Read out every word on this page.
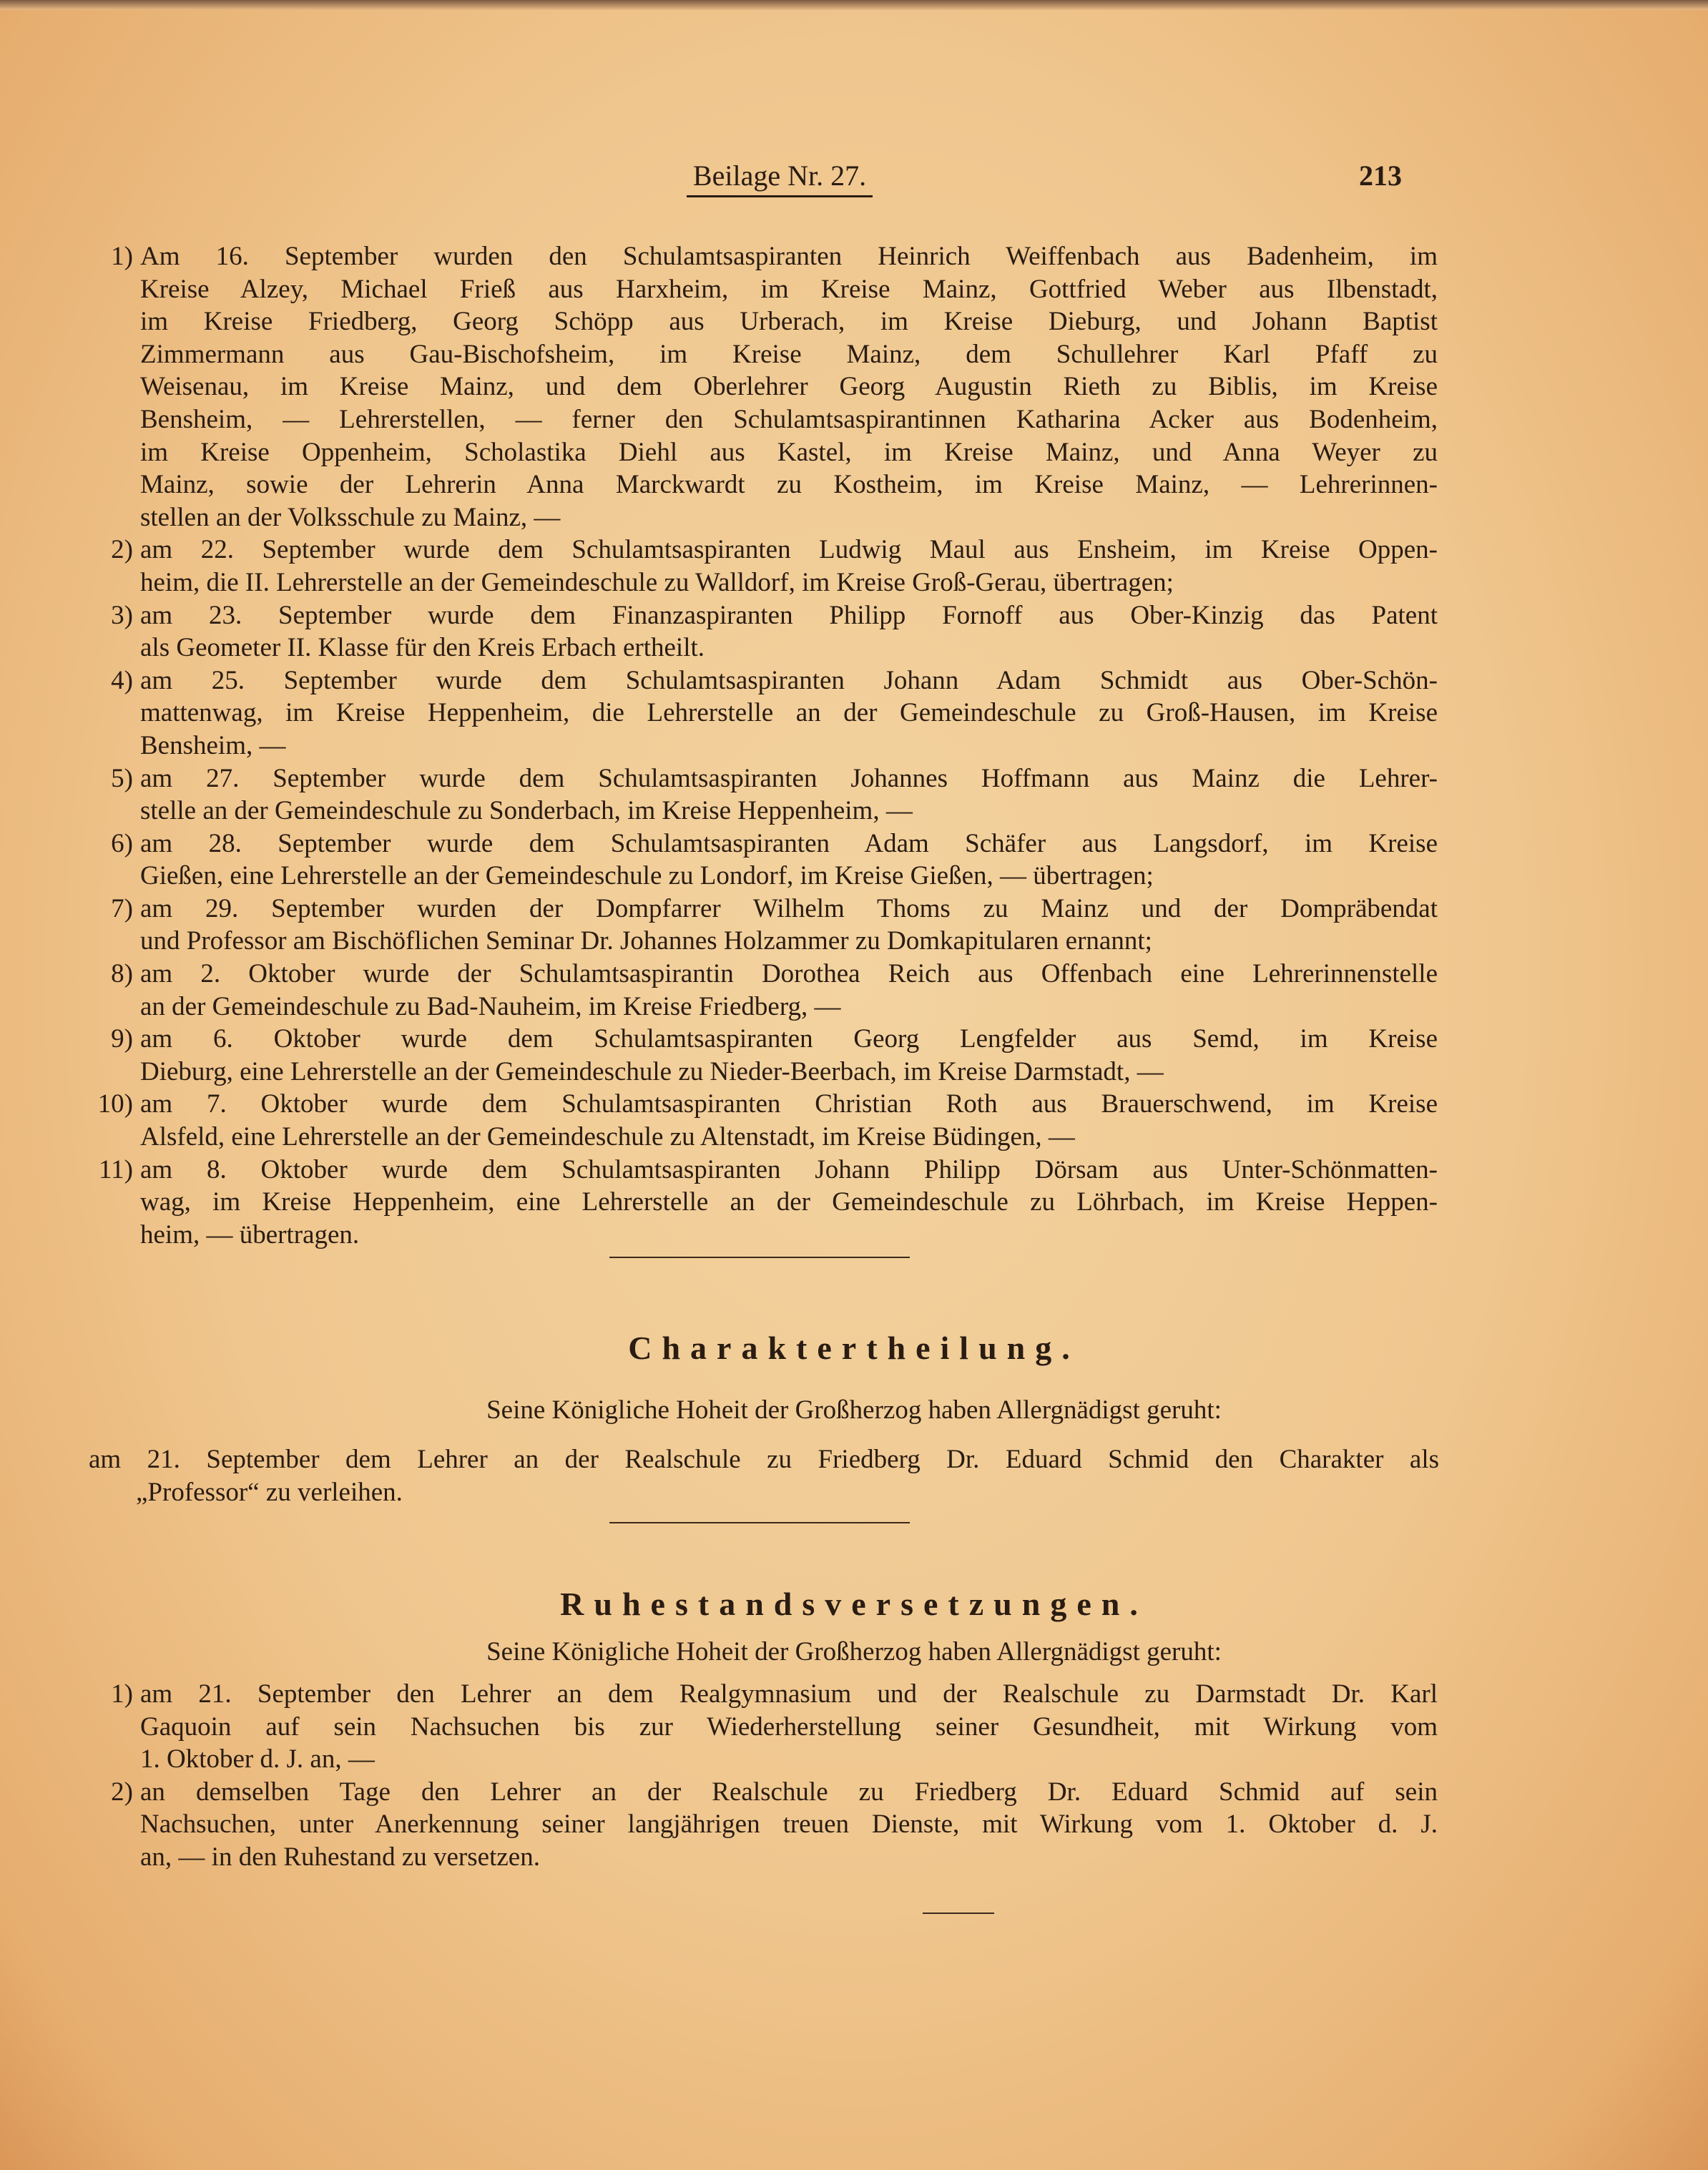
Beilage Nr. 27.	213
1) Am 16. September wurden den Schulamtsaspiranten Heinrich Weiffenbach aus Badenheim, im
Kreise Alzey, Michael Frieß aus Harxheim, im Kreise Mainz, Gottfried Weber aus Ilbenstadt,
im Kreise Friedberg, Georg Schöpp aus Urberach, im Kreise Dieburg, und Johann Baptist
Zimmermann aus Gau-Bischofsheim, im Kreise Mainz, dem Schullehrer Karl Pfaff zu
Weisenau, im Kreise Mainz, und dem Oberlehrer Georg Augustin Rieth zu Biblis, im Kreise
Bensheim, — Lehrerstellen, — ferner den Schulamtsaspirantinnen Katharina Acker aus Bodenheim,
im Kreise Oppenheim, Scholastika Diehl aus Kastel, im Kreise Mainz, und Anna Weyer zu
Mainz, sowie der Lehrerin Anna Marckwardt zu Kostheim, im Kreise Mainz, — Lehrerinnen-
stellen an der Volksschule zu Mainz, —
2) am 22. September wurde dem Schulamtsaspiranten Ludwig Maul aus Ensheim, im Kreise Oppen-
heim, die II. Lehrerstelle an der Gemeindeschule zu Walldorf, im Kreise Groß-Gerau, übertragen;
3) am 23. September wurde dem Finanzaspiranten Philipp Fornoff aus Ober-Kinzig das Patent
als Geometer II. Klasse für den Kreis Erbach ertheilt.
4) am 25. September wurde dem Schulamtsaspiranten Johann Adam Schmidt aus Ober-Schön-
mattenwag, im Kreise Heppenheim, die Lehrerstelle an der Gemeindeschule zu Groß-Hausen, im Kreise
Bensheim, —
5) am 27. September wurde dem Schulamtsaspiranten Johannes Hoffmann aus Mainz die Lehrer-
stelle an der Gemeindeschule zu Sonderbach, im Kreise Heppenheim, —
6) am 28. September wurde dem Schulamtsaspiranten Adam Schäfer aus Langsdorf, im Kreise
Gießen, eine Lehrerstelle an der Gemeindeschule zu Londorf, im Kreise Gießen, — übertragen;
7) am 29. September wurden der Dompfarrer Wilhelm Thoms zu Mainz und der Dompräbendat
und Professor am Bischöflichen Seminar Dr. Johannes Holzammer zu Domkapitularen ernannt;
8) am 2. Oktober wurde der Schulamtsaspirantin Dorothea Reich aus Offenbach eine Lehrerinnenstelle
an der Gemeindeschule zu Bad-Nauheim, im Kreise Friedberg, —
9) am 6. Oktober wurde dem Schulamtsaspiranten Georg Lengfelder aus Semd, im Kreise
Dieburg, eine Lehrerstelle an der Gemeindeschule zu Nieder-Beerbach, im Kreise Darmstadt, —
10) am 7. Oktober wurde dem Schulamtsaspiranten Christian Roth aus Brauerschwend, im Kreise
Alsfeld, eine Lehrerstelle an der Gemeindeschule zu Altenstadt, im Kreise Büdingen, —
11) am 8. Oktober wurde dem Schulamtsaspiranten Johann Philipp Dörsam aus Unter-Schönmatten-
wag, im Kreise Heppenheim, eine Lehrerstelle an der Gemeindeschule zu Löhrbach, im Kreise Heppen-
heim, — übertragen.
Charaktertheilung.
Seine Königliche Hoheit der Großherzog haben Allergnädigst geruht:
am 21. September dem Lehrer an der Realschule zu Friedberg Dr. Eduard Schmid den Charakter als
„Professor“ zu verleihen.
Ruhestandsversetzungen.
Seine Königliche Hoheit der Großherzog haben Allergnädigst geruht:
1) am 21. September den Lehrer an dem Realgymnasium und der Realschule zu Darmstadt Dr. Karl
Gaquoin auf sein Nachsuchen bis zur Wiederherstellung seiner Gesundheit, mit Wirkung vom
1. Oktober d. J. an, —
2) an demselben Tage den Lehrer an der Realschule zu Friedberg Dr. Eduard Schmid auf sein
Nachsuchen, unter Anerkennung seiner langjährigen treuen Dienste, mit Wirkung vom 1. Oktober d. J.
an, — in den Ruhestand zu versetzen.
